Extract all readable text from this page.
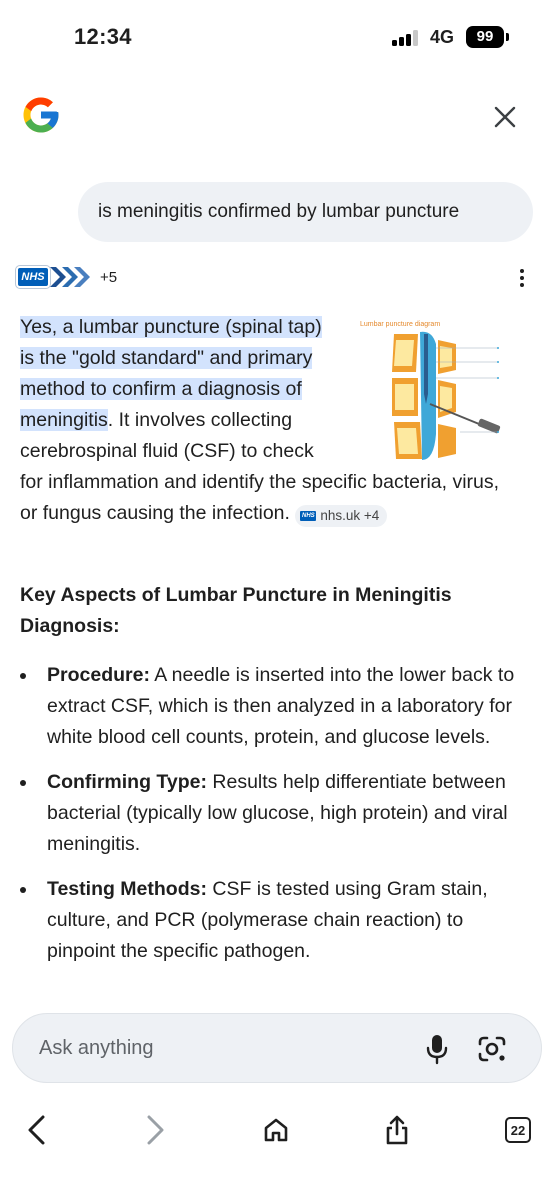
12:34	4G	99
is meningitis confirmed by lumbar puncture
NHS	+5
Lumbar puncture diagram
Yes, a lumbar puncture (spinal tap) is the "gold standard" and primary method to confirm a diagnosis of meningitis. It involves collecting cerebrospinal fluid (CSF) to check for inflammation and identify the specific bacteria, virus, or fungus causing the infection. NHS nhs.uk +4
Key Aspects of Lumbar Puncture in Meningitis Diagnosis:
Procedure: A needle is inserted into the lower back to extract CSF, which is then analyzed in a laboratory for white blood cell counts, protein, and glucose levels.
Confirming Type: Results help differentiate between bacterial (typically low glucose, high protein) and viral meningitis.
Testing Methods: CSF is tested using Gram stain, culture, and PCR (polymerase chain reaction) to pinpoint the specific pathogen.
Ask anything
22
